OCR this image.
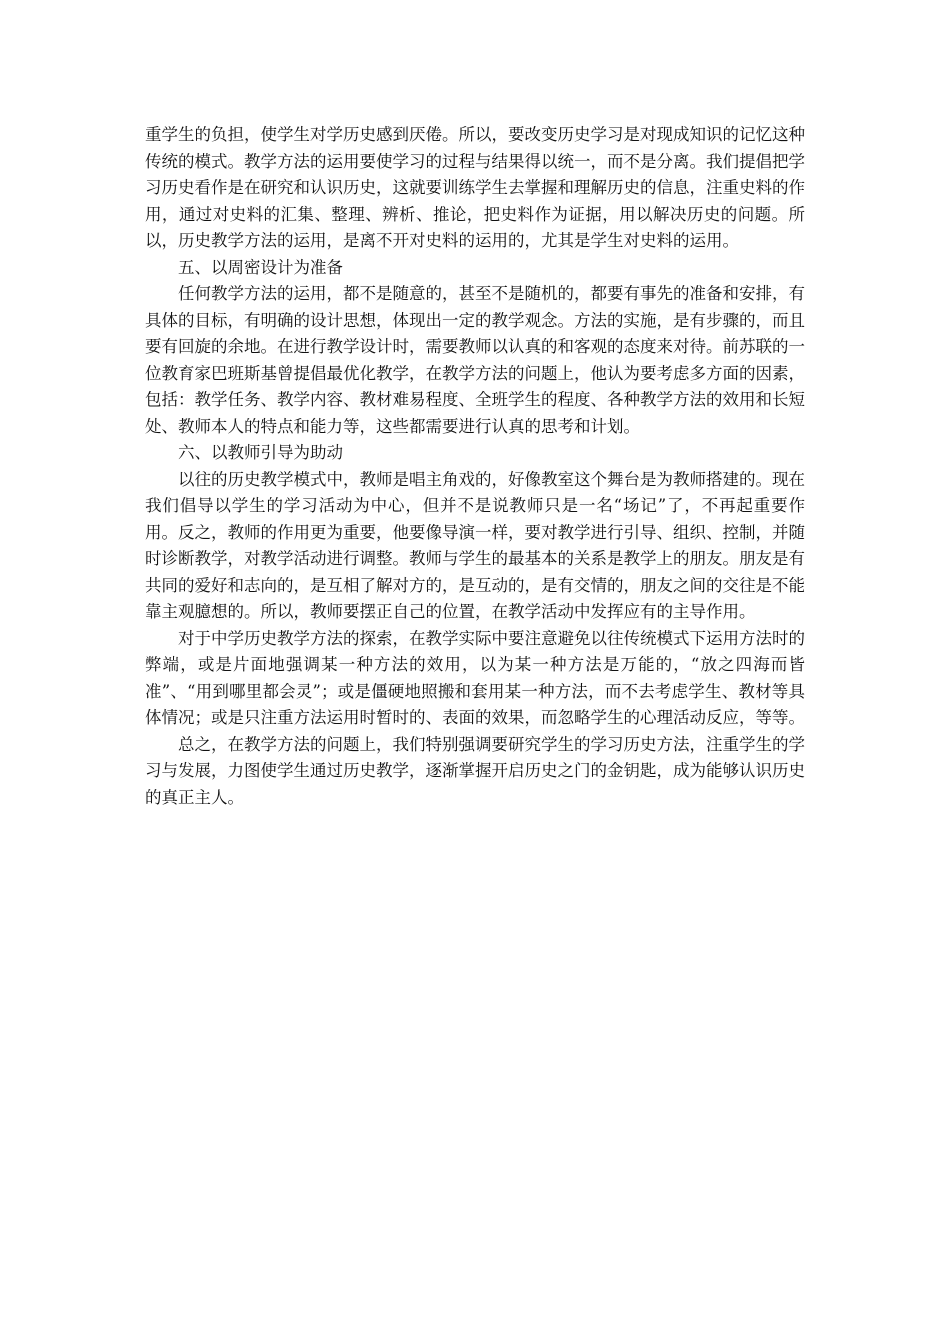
重学生的负担，使学生对学历史感到厌倦。所以，要改变历史学习是对现成知识的记忆这种传统的模式。教学方法的运用要使学习的过程与结果得以统一，而不是分离。我们提倡把学习历史看作是在研究和认识历史，这就要训练学生去掌握和理解历史的信息，注重史料的作用，通过对史料的汇集、整理、辨析、推论，把史料作为证据，用以解决历史的问题。所以，历史教学方法的运用，是离不开对史料的运用的，尤其是学生对史料的运用。

五、以周密设计为准备

任何教学方法的运用，都不是随意的，甚至不是随机的，都要有事先的准备和安排，有具体的目标，有明确的设计思想，体现出一定的教学观念。方法的实施，是有步骤的，而且要有回旋的余地。在进行教学设计时，需要教师以认真的和客观的态度来对待。前苏联的一位教育家巴班斯基曾提倡最优化教学，在教学方法的问题上，他认为要考虑多方面的因素，包括：教学任务、教学内容、教材难易程度、全班学生的程度、各种教学方法的效用和长短处、教师本人的特点和能力等，这些都需要进行认真的思考和计划。

六、以教师引导为助动

以往的历史教学模式中，教师是唱主角戏的，好像教室这个舞台是为教师搭建的。现在我们倡导以学生的学习活动为中心，但并不是说教师只是一名“场记”了，不再起重要作用。反之，教师的作用更为重要，他要像导演一样，要对教学进行引导、组织、控制，并随时诊断教学，对教学活动进行调整。教师与学生的最基本的关系是教学上的朋友。朋友是有共同的爱好和志向的，是互相了解对方的，是互动的，是有交情的，朋友之间的交往是不能靠主观臆想的。所以，教师要摆正自己的位置，在教学活动中发挥应有的主导作用。

对于中学历史教学方法的探索，在教学实际中要注意避免以往传统模式下运用方法时的弊端，或是片面地强调某一种方法的效用，以为某一种方法是万能的，“放之四海而皆准”、“用到哪里都会灵”；或是僵硬地照搬和套用某一种方法，而不去考虑学生、教材等具体情况；或是只注重方法运用时暂时的、表面的效果，而忽略学生的心理活动反应，等等。

总之，在教学方法的问题上，我们特别强调要研究学生的学习历史方法，注重学生的学习与发展，力图使学生通过历史教学，逐渐掌握开启历史之门的金钥匙，成为能够认识历史的真正主人。
